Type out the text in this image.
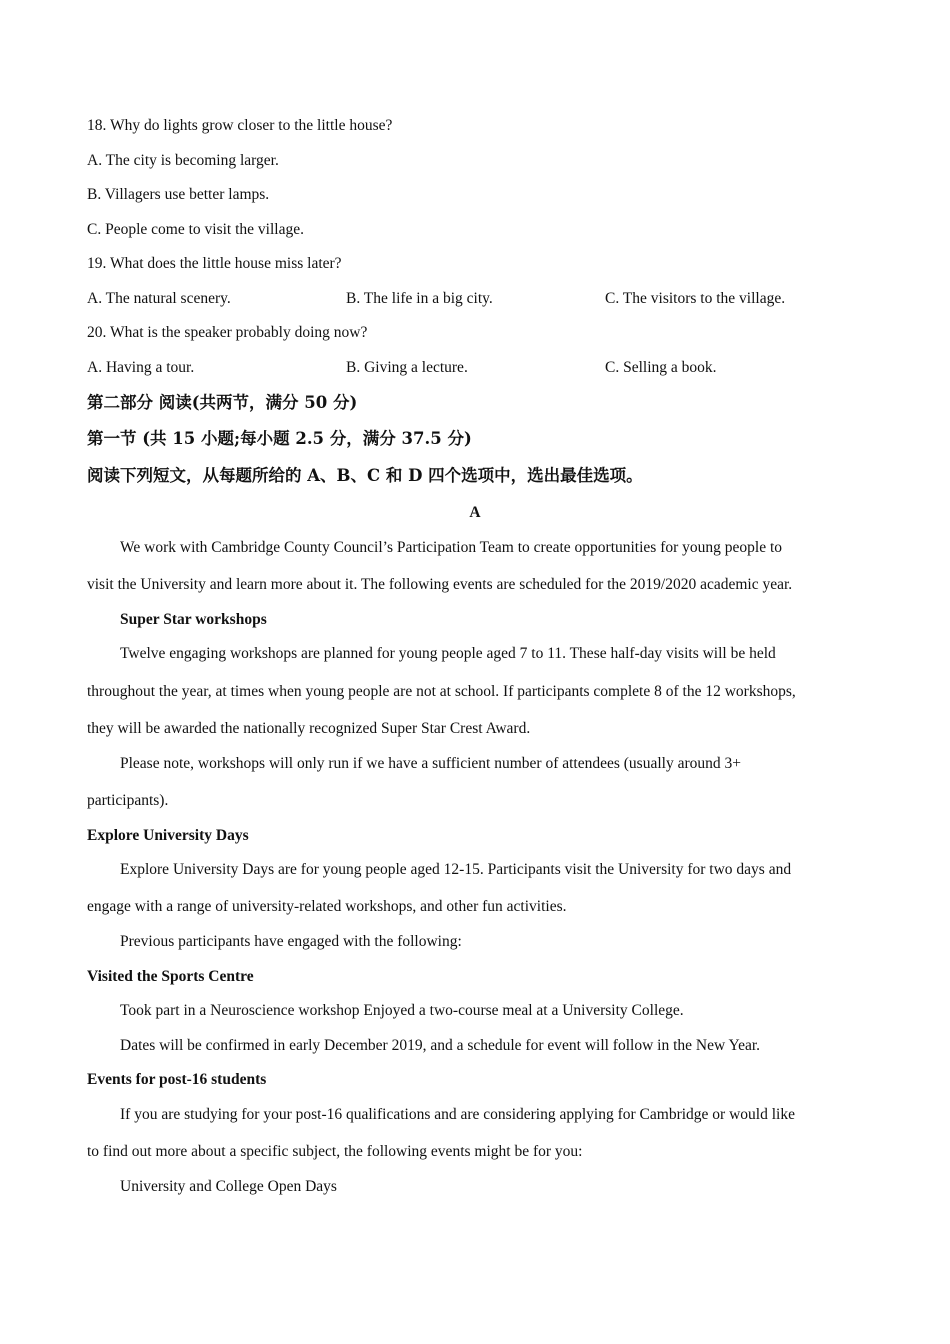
18. Why do lights grow closer to the little house?
A. The city is becoming larger.
B. Villagers use better lamps.
C. People come to visit the village.
19. What does the little house miss later?
A. The natural scenery.	B. The life in a big city.	C. The visitors to the village.
20. What is the speaker probably doing now?
A. Having a tour.	B. Giving a lecture.	C. Selling a book.
第二部分 阅读(共两节，满分 50 分)
第一节 (共 15 小题;每小题 2.5 分，满分 37.5 分)
阅读下列短文，从每题所给的 A、B、C 和 D 四个选项中，选出最佳选项。
A
We work with Cambridge County Council’s Participation Team to create opportunities for young people to
visit the University and learn more about it. The following events are scheduled for the 2019/2020 academic year.
Super Star workshops
Twelve engaging workshops are planned for young people aged 7 to 11. These half-day visits will be held
throughout the year, at times when young people are not at school. If participants complete 8 of the 12 workshops,
they will be awarded the nationally recognized Super Star Crest Award.
Please note, workshops will only run if we have a sufficient number of attendees (usually around 3+
participants).
Explore University Days
Explore University Days are for young people aged 12-15. Participants visit the University for two days and
engage with a range of university-related workshops, and other fun activities.
Previous participants have engaged with the following:
Visited the Sports Centre
Took part in a Neuroscience workshop Enjoyed a two-course meal at a University College.
Dates will be confirmed in early December 2019, and a schedule for event will follow in the New Year.
Events for post-16 students
If you are studying for your post-16 qualifications and are considering applying for Cambridge or would like
to find out more about a specific subject, the following events might be for you:
University and College Open Days
